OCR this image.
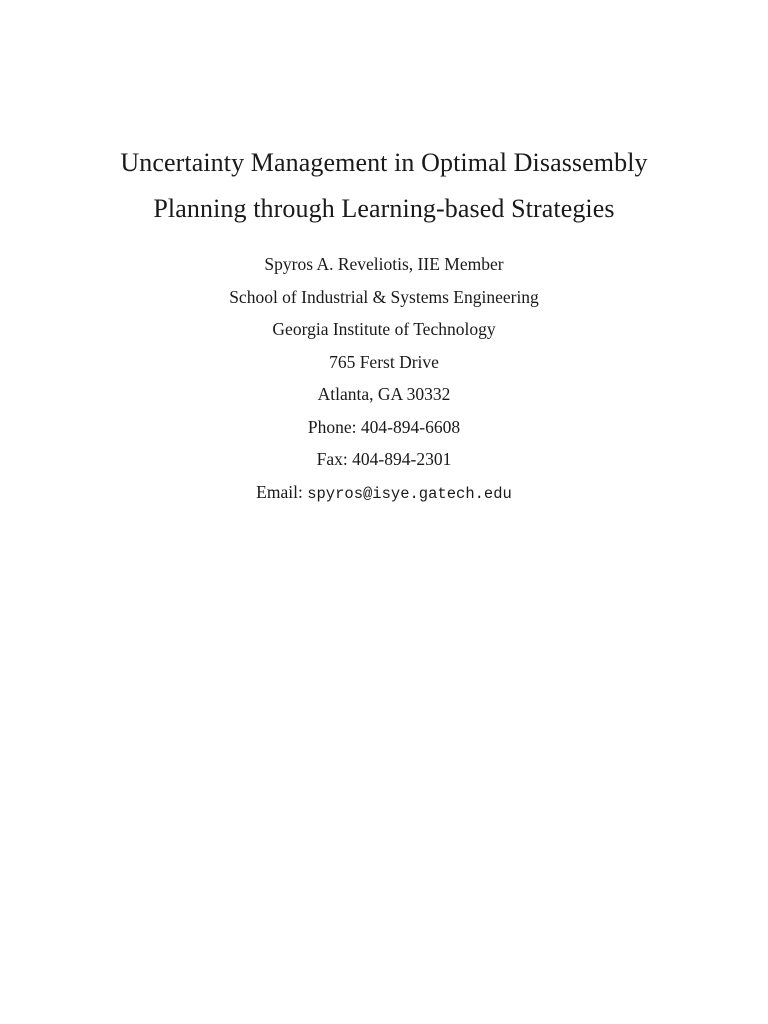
Uncertainty Management in Optimal Disassembly
Planning through Learning-based Strategies
Spyros A. Reveliotis, IIE Member
School of Industrial & Systems Engineering
Georgia Institute of Technology
765 Ferst Drive
Atlanta, GA 30332
Phone: 404-894-6608
Fax: 404-894-2301
Email: spyros@isye.gatech.edu
